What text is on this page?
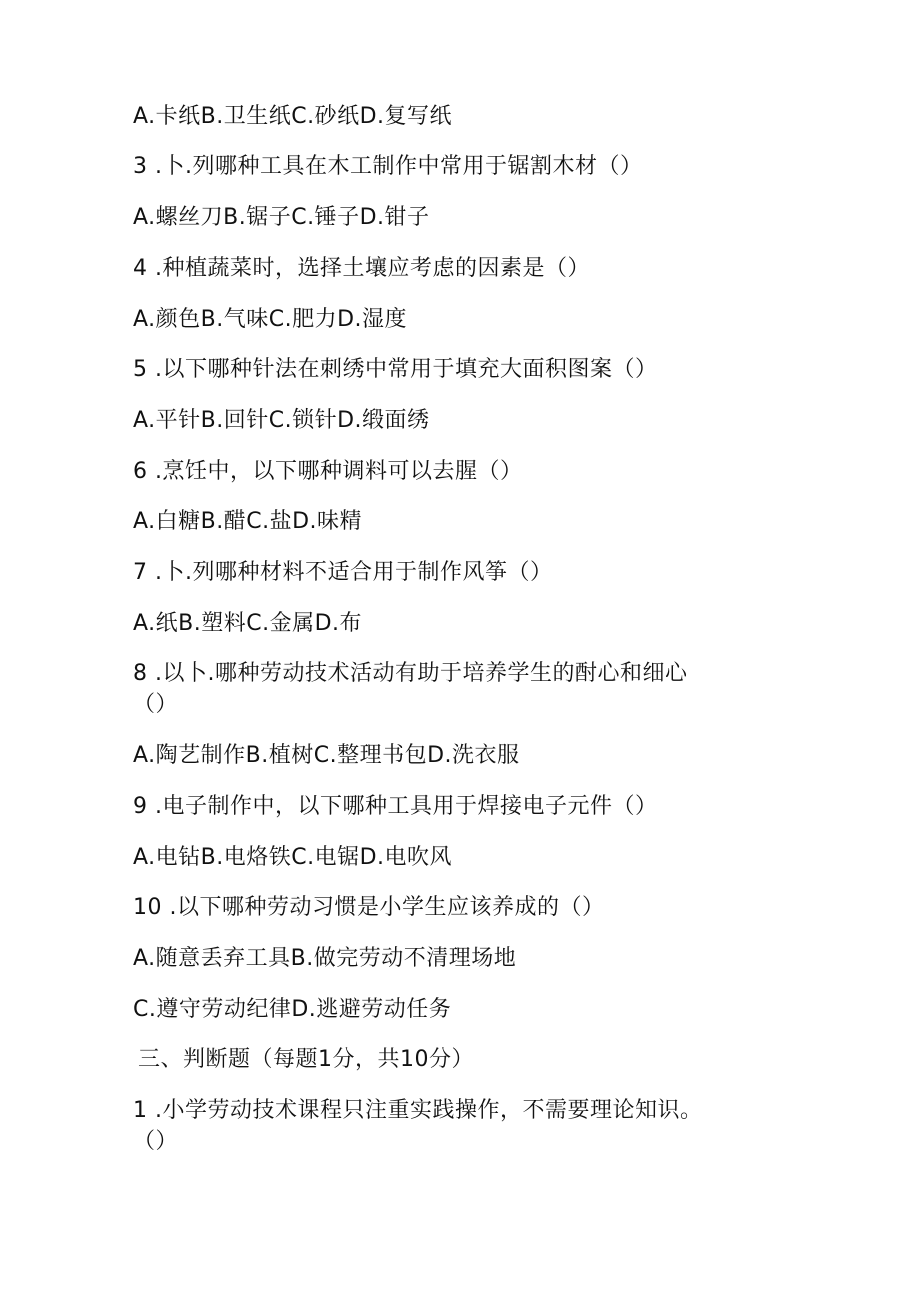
A.卡纸B.卫生纸C.砂纸D.复写纸
3 .卜.列哪种工具在木工制作中常用于锯割木材（）
A.螺丝刀B.锯子C.锤子D.钳子
4 .种植蔬菜时，选择土壤应考虑的因素是（）
A.颜色B.气味C.肥力D.湿度
5 .以下哪种针法在刺绣中常用于填充大面积图案（）
A.平针B.回针C.锁针D.缎面绣
6 .烹饪中，以下哪种调料可以去腥（）
A.白糖B.醋C.盐D.味精
7 .卜.列哪种材料不适合用于制作风筝（）
A.纸B.塑料C.金属D.布
8 .以卜.哪种劳动技术活动有助于培养学生的酎心和细心
（）
A.陶艺制作B.植树C.整理书包D.洗衣服
9 .电子制作中，以下哪种工具用于焊接电子元件（）
A.电钻B.电烙铁C.电锯D.电吹风
10 .以下哪种劳动习惯是小学生应该养成的（）
A.随意丢弃工具B.做完劳动不清理场地
C.遵守劳动纪律D.逃避劳动任务
三、判断题（每题1分，共10分）
1 .小学劳动技术课程只注重实践操作，不需要理论知识。
（）
